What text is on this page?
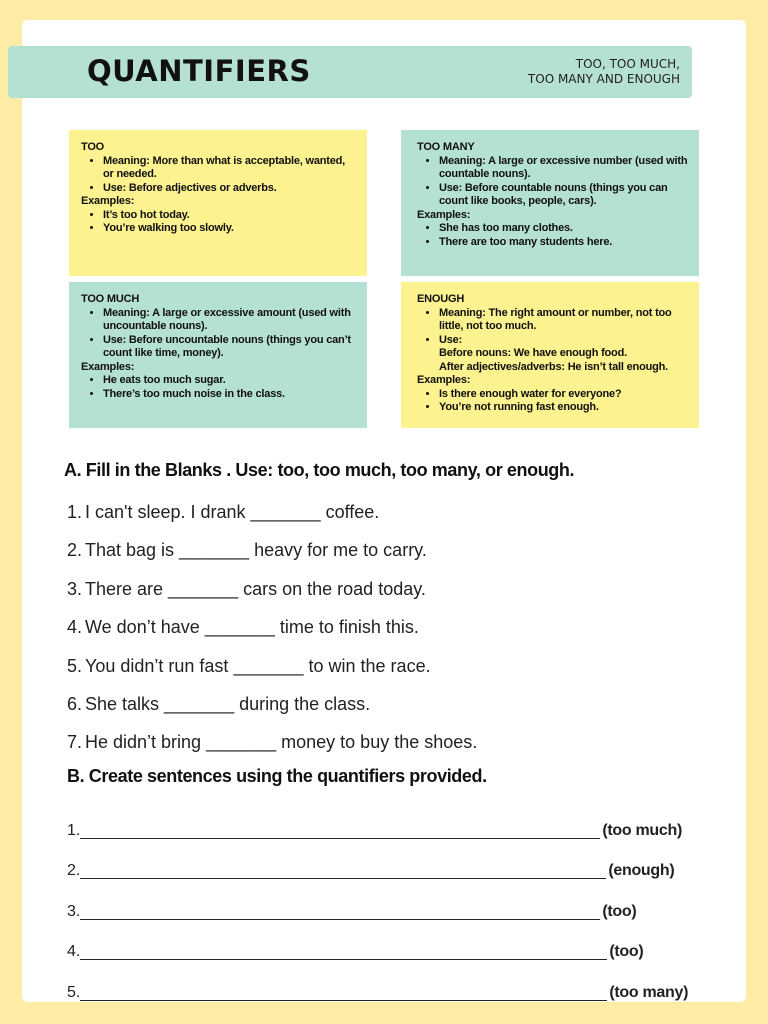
QUANTIFIERS	TOO, TOO MUCH,
TOO MANY AND ENOUGH

TOO

• Meaning: More than what is acceptable, wanted, or needed.
• Use: Before adjectives or adverbs.

Examples:

• It’s too hot today.
• You’re walking too slowly.

TOO MANY

• Meaning: A large or excessive number (used with countable nouns).
• Use: Before countable nouns (things you can count like books, people, cars).

Examples:

• She has too many clothes.
• There are too many students here.

TOO MUCH

• Meaning: A large or excessive amount (used with uncountable nouns).
• Use: Before uncountable nouns (things you can’t count like time, money).

Examples:

• He eats too much sugar.
• There’s too much noise in the class.

ENOUGH

• Meaning: The right amount or number, not too little, not too much.
• Use:
Before nouns: We have enough food.
After adjectives/adverbs: He isn’t tall enough.

Examples:

• Is there enough water for everyone?
• You’re not running fast enough.
A. Fill in the Blanks . Use: too, too much, too many, or enough.
1. I can't sleep. I drank _______ coffee.
2. That bag is _______ heavy for me to carry.
3. There are _______ cars on the road today.
4. We don’t have _______ time to finish this.
5. You didn’t run fast _______ to win the race.
6. She talks _______ during the class.
7. He didn’t bring _______ money to buy the shoes.
B. Create sentences using the quantifiers provided.
1.	(too much)
2.	(enough)
3.	(too)
4.	(too)
5.	(too many)
